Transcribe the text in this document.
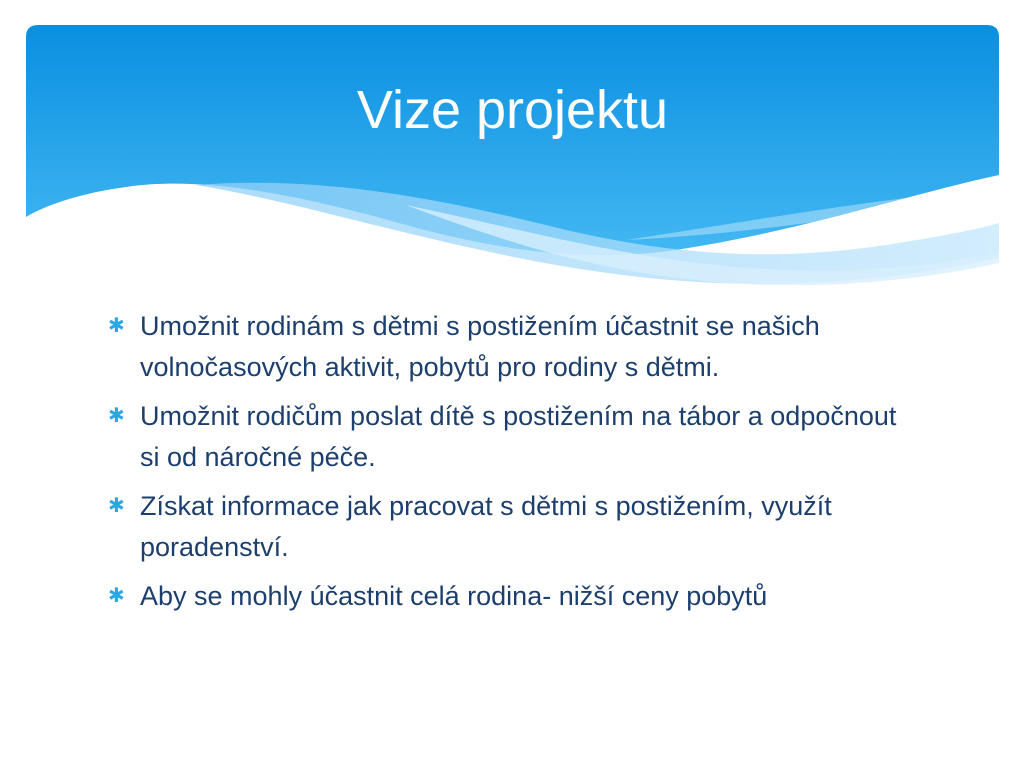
Vize projektu
✱ Umožnit rodinám s dětmi s postižením účastnit se našich volnočasových aktivit, pobytů pro rodiny s dětmi.
✱ Umožnit rodičům poslat dítě s postižením na tábor a odpočnout si od náročné péče.
✱ Získat informace jak pracovat s dětmi s postižením, využít poradenství.
✱ Aby se mohly účastnit celá rodina- nižší ceny pobytů
